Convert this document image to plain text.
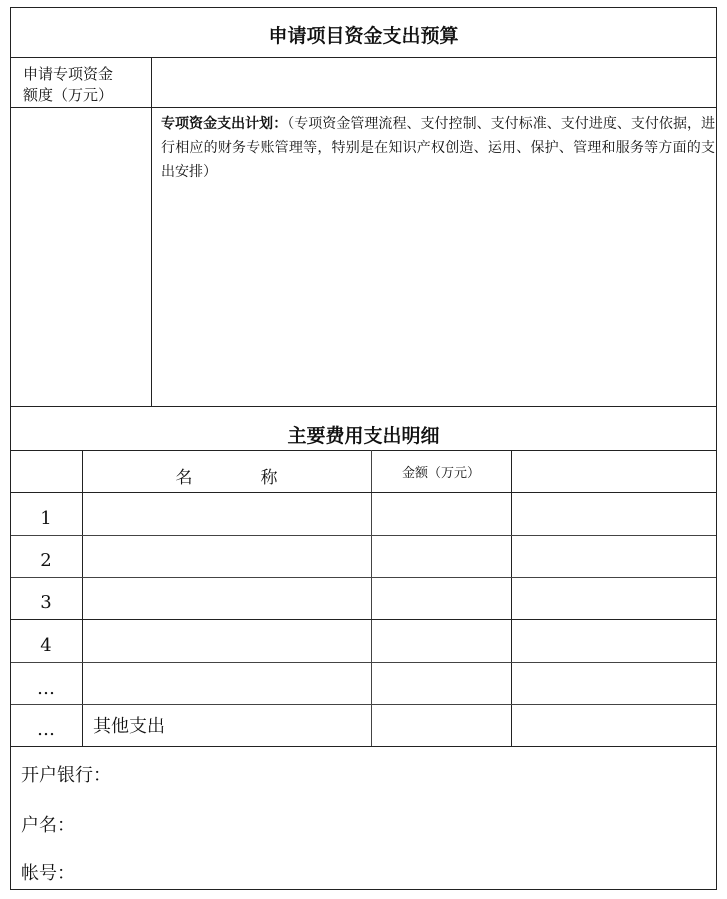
申请项目资金支出预算
申请专项资金
额度（万元）
专项资金支出计划：（专项资金管理流程、支付控制、支付标准、支付进度、支付依据，进行相应的财务专账管理等，特别是在知识产权创造、运用、保护、管理和服务等方面的支出安排）
主要费用支出明细
名　　　　称	金额（万元）
1
2
3
4
…
…	其他支出
开户银行：
户名：
帐号：
